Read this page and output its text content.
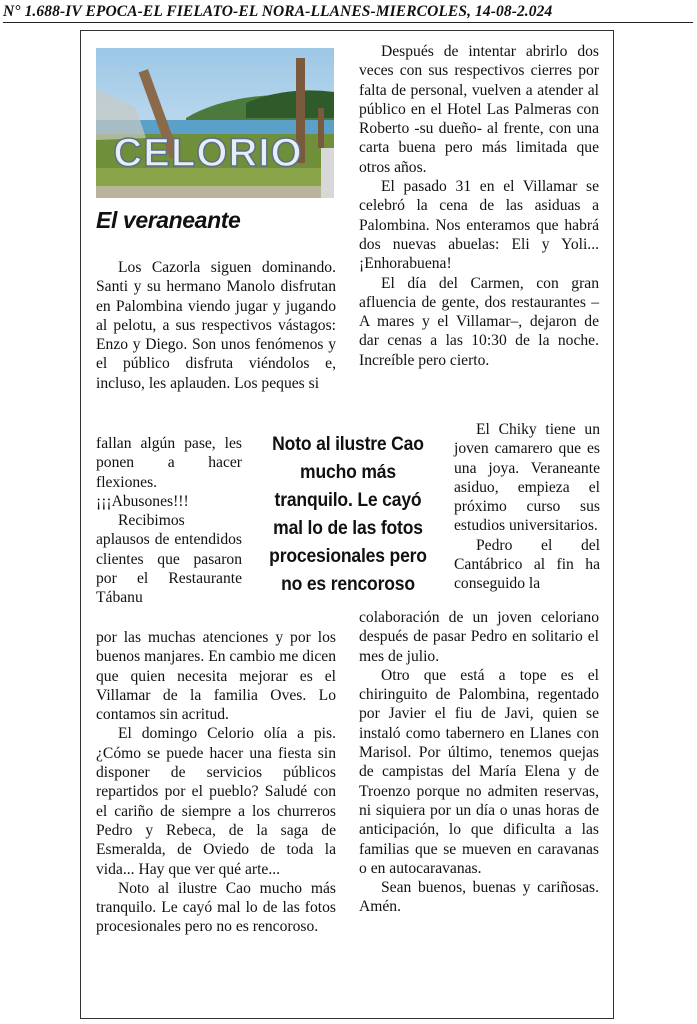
N° 1.688-IV EPOCA-EL FIELATO-EL NORA-LLANES-MIERCOLES, 14-08-2.024
CELORIO
El veraneante

Los Cazorla siguen dominando. Santi y su hermano Manolo disfrutan en Palombina viendo jugar y jugando al pelotu, a sus respectivos vástagos: Enzo y Diego. Son unos fenómenos y el público disfruta viéndolos e, incluso, les aplauden. Los peques si

fallan algún pase, les ponen a hacer flexiones.¡¡¡Abusones!!!

Recibimos aplausos de entendidos clientes que pasaron por el Restaurante Tábanu

por las muchas atenciones y por los buenos manjares. En cambio me dicen que quien necesita mejorar es el Villamar de la familia Oves. Lo contamos sin acritud.

El domingo Celorio olía a pis. ¿Cómo se puede hacer una fiesta sin disponer de servicios públicos repartidos por el pueblo? Saludé con el cariño de siempre a los churreros Pedro y Rebeca, de la saga de Esmeralda, de Oviedo de toda la vida... Hay que ver qué arte...

Noto al ilustre Cao mucho más tranquilo. Le cayó mal lo de las fotos procesionales pero no es rencoroso.

Noto al ilustre Cao mucho más tranquilo. Le cayó mal lo de las fotos procesionales pero no es rencoroso

Después de intentar abrirlo dos veces con sus respectivos cierres por falta de personal, vuelven a atender al público en el Hotel Las Palmeras con Roberto -su dueño- al frente, con una carta buena pero más limitada que otros años.

El pasado 31 en el Villamar se celebró la cena de las asiduas a Palombina. Nos enteramos que habrá dos nuevas abuelas: Eli y Yoli... ¡Enhorabuena!

El día del Carmen, con gran afluencia de gente, dos restaurantes –A mares y el Villamar–, dejaron de dar cenas a las 10:30 de la noche. Increíble pero cierto.

El Chiky tiene un joven camarero que es una joya. Veraneante asiduo, empieza el próximo curso sus estudios universitarios.

Pedro el del Cantábrico al fin ha conseguido la

colaboración de un joven celoriano después de pasar Pedro en solitario el mes de julio.

Otro que está a tope es el chiringuito de Palombina, regentado por Javier el fiu de Javi, quien se instaló como tabernero en Llanes con Marisol. Por último, tenemos quejas de campistas del María Elena y de Troenzo porque no admiten reservas, ni siquiera por un día o unas horas de anticipación, lo que dificulta a las familias que se mueven en caravanas o en autocaravanas.

Sean buenos, buenas y cariñosas. Amén.
